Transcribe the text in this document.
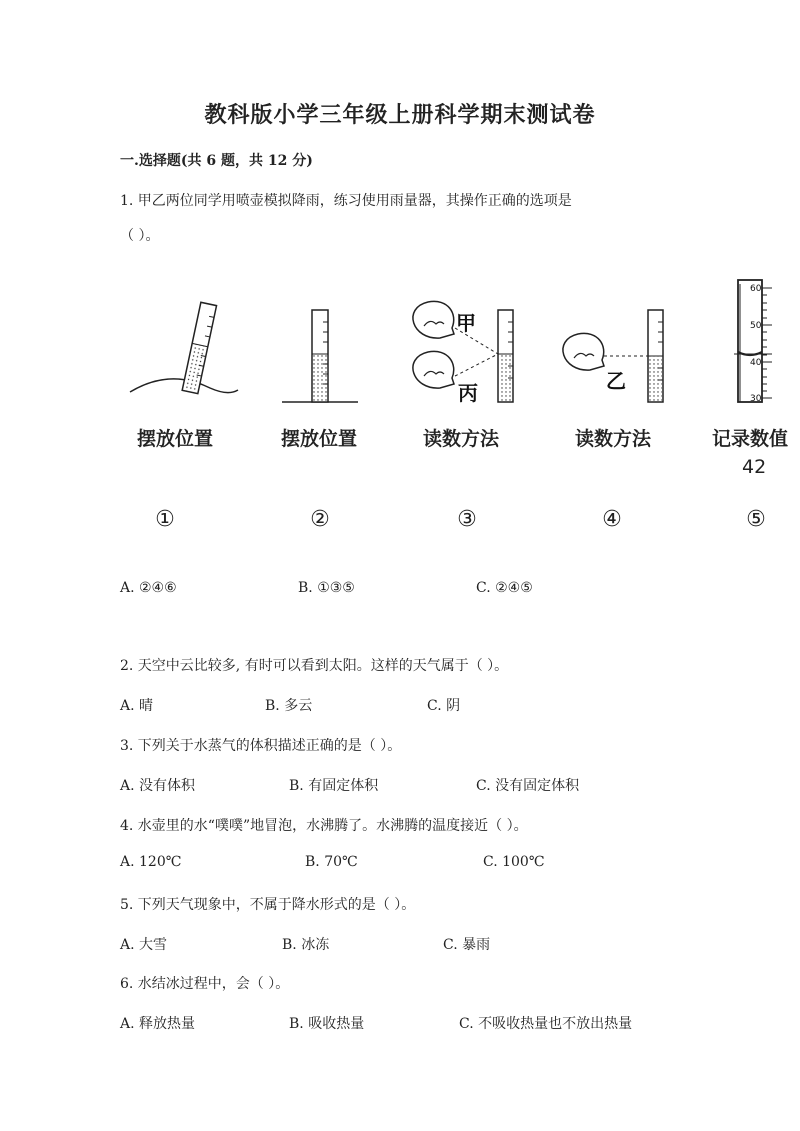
教科版小学三年级上册科学期末测试卷
一.选择题(共 6 题，共 12 分)
1. 甲乙两位同学用喷壶模拟降雨，练习使用雨量器，其操作正确的选项是
（ ）。
甲
丙	乙
60
50
40
30
摆放位置	摆放位置	读数方法	读数方法	记录数值
42
①	②	③	④	⑤
A. ②④⑥	B. ①③⑤	C. ②④⑤
2. 天空中云比较多, 有时可以看到太阳。这样的天气属于（ ）。
A. 晴	B. 多云	C. 阴
3. 下列关于水蒸气的体积描述正确的是（ ）。
A. 没有体积	B. 有固定体积	C. 没有固定体积
4. 水壶里的水“噗噗”地冒泡，水沸腾了。水沸腾的温度接近（ ）。
A. 120℃	B. 70℃	C. 100℃
5. 下列天气现象中，不属于降水形式的是（ ）。
A. 大雪	B. 冰冻	C. 暴雨
6. 水结冰过程中，会（ ）。
A. 释放热量	B. 吸收热量	C. 不吸收热量也不放出热量
